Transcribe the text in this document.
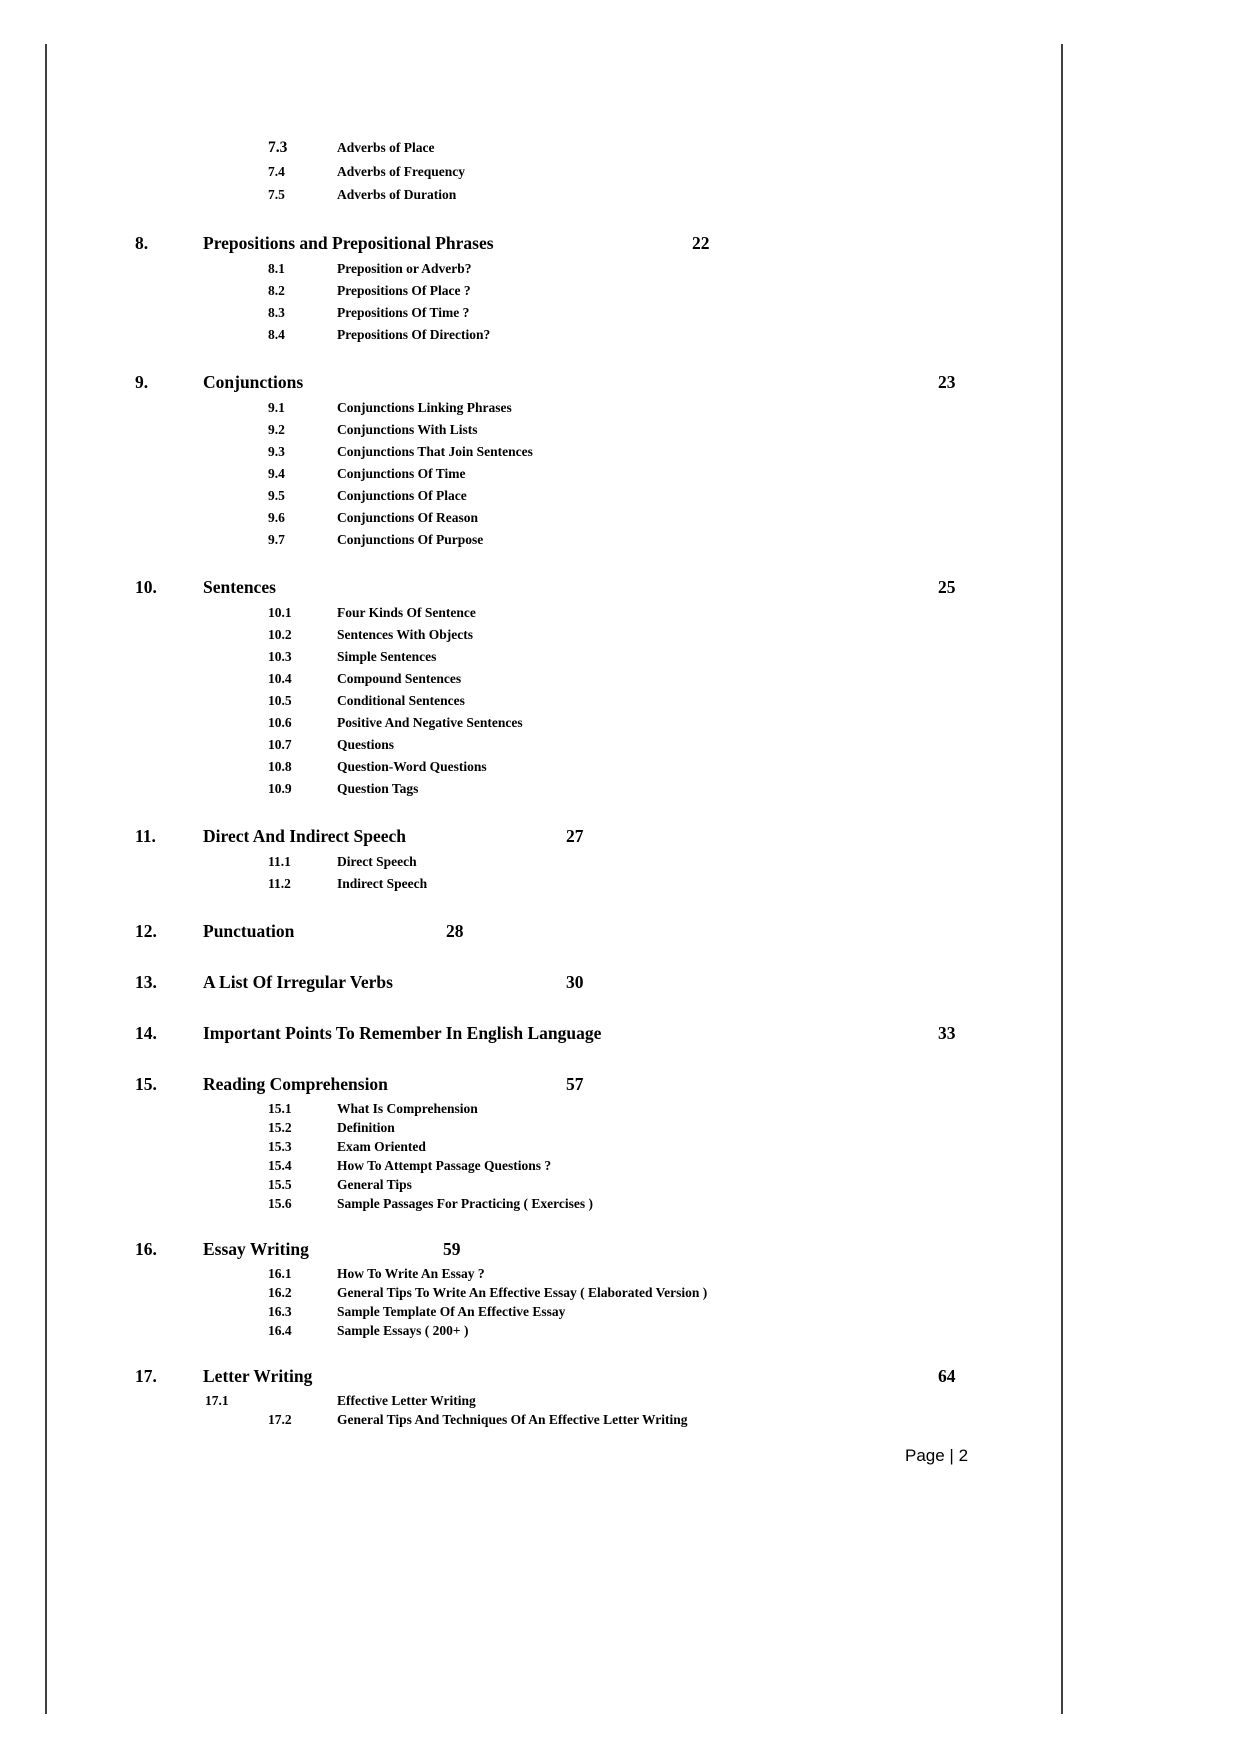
7.3	Adverbs of Place
7.4	Adverbs of Frequency
7.5	Adverbs of Duration
8.	Prepositions and Prepositional Phrases	22
8.1	Preposition or Adverb?
8.2	Prepositions Of Place ?
8.3	Prepositions Of Time ?
8.4	Prepositions Of Direction?
9.	Conjunctions	23
9.1	Conjunctions Linking Phrases
9.2	Conjunctions With Lists
9.3	Conjunctions That Join Sentences
9.4	Conjunctions Of Time
9.5	Conjunctions Of Place
9.6	Conjunctions Of Reason
9.7	Conjunctions Of Purpose
10.	Sentences	25
10.1	Four Kinds Of Sentence
10.2	Sentences With Objects
10.3	Simple Sentences
10.4	Compound Sentences
10.5	Conditional Sentences
10.6	Positive And Negative Sentences
10.7	Questions
10.8	Question-Word Questions
10.9	Question Tags
11.	Direct And Indirect Speech	27
11.1	Direct Speech
11.2	Indirect Speech
12.	Punctuation	28
13.	A List Of Irregular Verbs	30
14.	Important Points To Remember In English Language	33
15.	Reading Comprehension	57
15.1	What Is Comprehension
15.2	Definition
15.3	Exam Oriented
15.4	How To Attempt Passage Questions ?
15.5	General Tips
15.6	Sample Passages For Practicing ( Exercises )
16.	Essay Writing	59
16.1	How To Write An Essay ?
16.2	General Tips To Write An Effective Essay ( Elaborated Version )
16.3	Sample Template Of An Effective Essay
16.4	Sample Essays ( 200+ )
17.	Letter Writing	64
17.1	Effective Letter Writing
17.2	General Tips And Techniques Of An Effective Letter Writing
Page | 2
